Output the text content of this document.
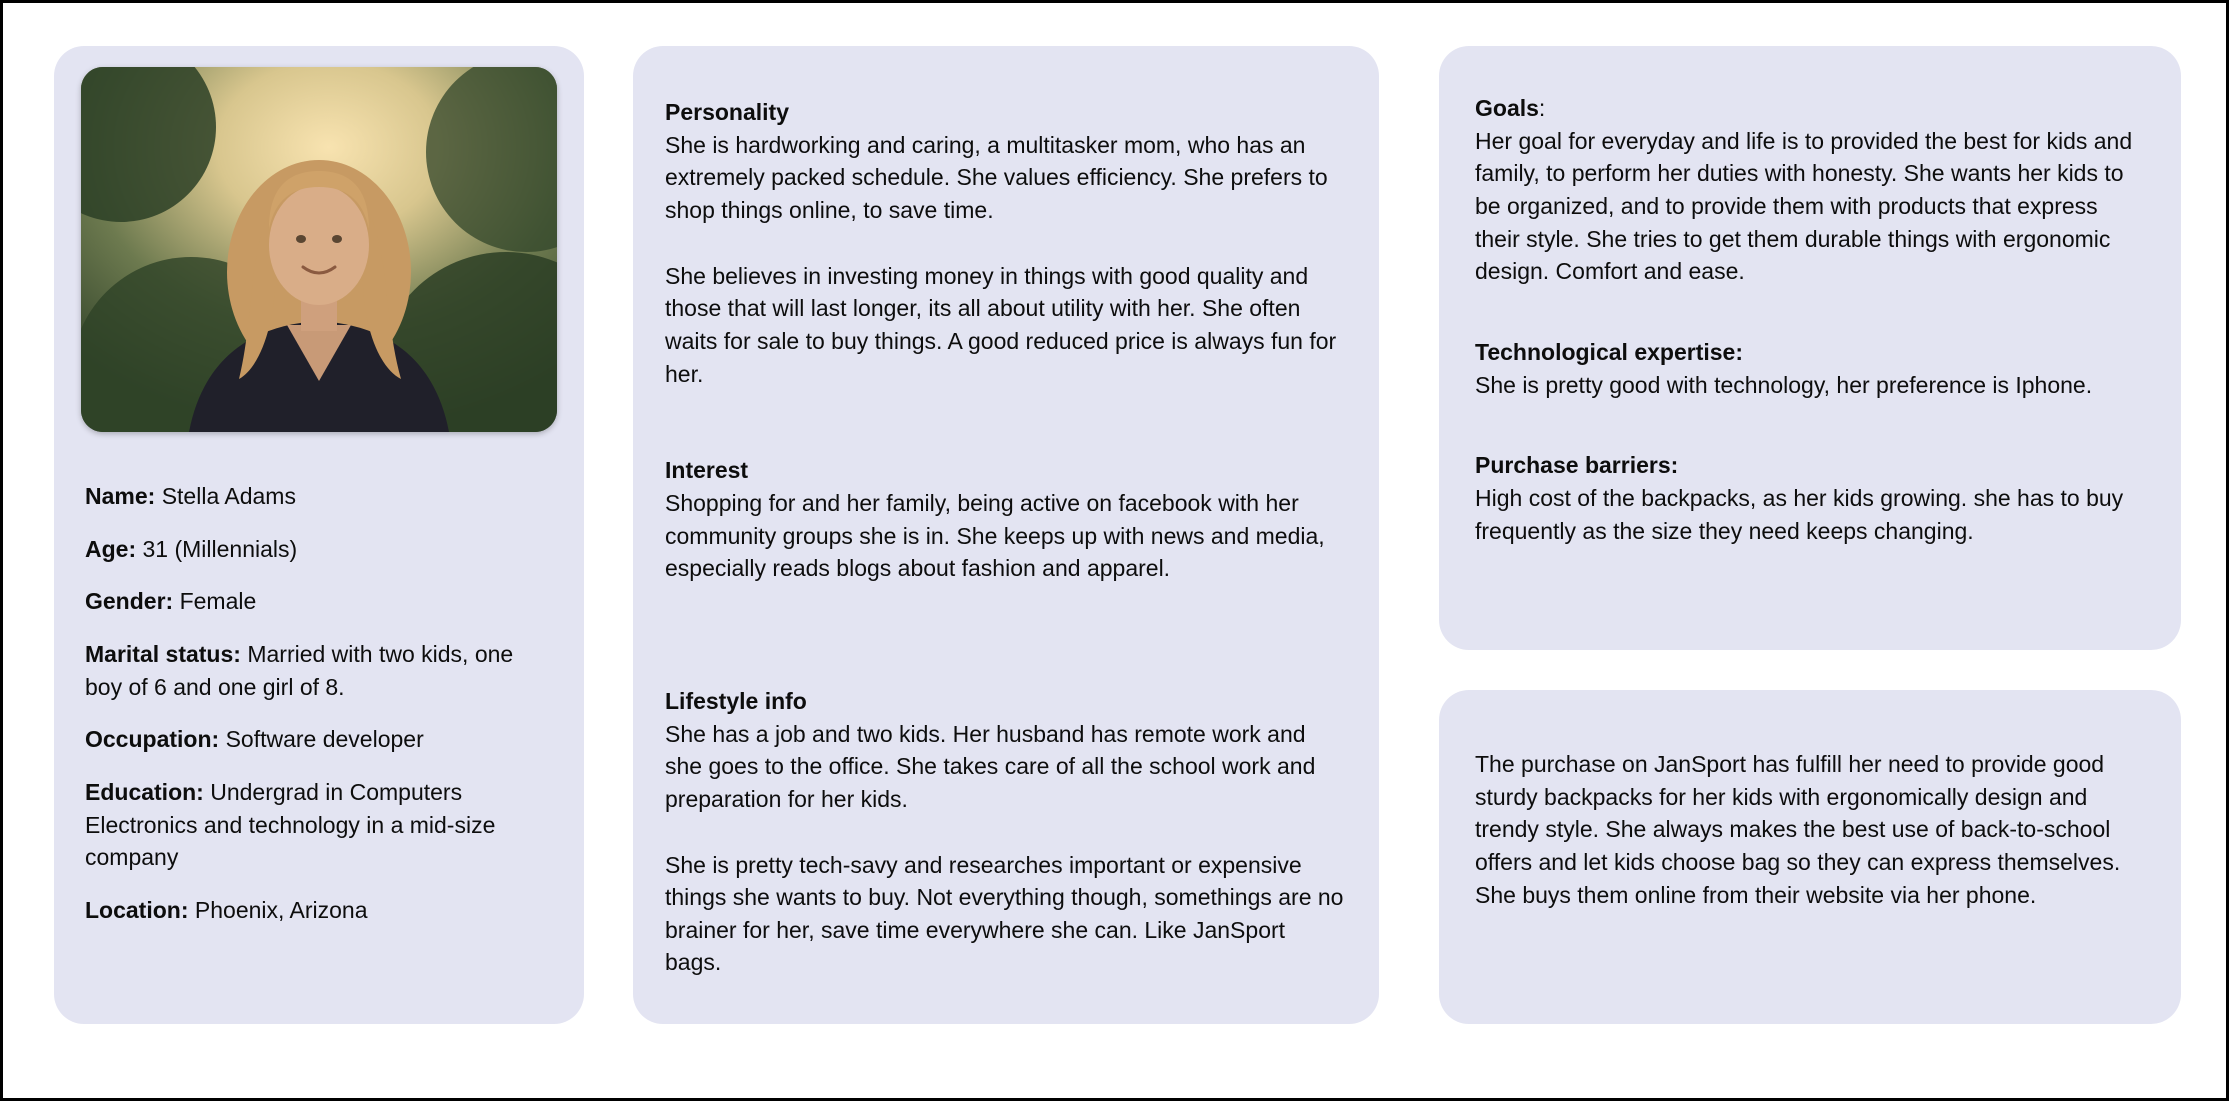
Name: Stella Adams

Age: 31 (Millennials)

Gender: Female

Marital status: Married with two kids, one boy of 6 and one girl of 8.

Occupation: Software developer

Education: Undergrad in Computers Electronics and technology in a mid-size company

Location: Phoenix, Arizona

Personality

She is hardworking and caring, a multitasker mom, who has an extremely packed schedule. She values efficiency. She prefers to shop things online, to save time.

She believes in investing money in things with good quality and those that will last longer, its all about utility with her. She often waits for sale to buy things. A good reduced price is always fun for her.

Interest

Shopping for and her family, being active on facebook with her community groups she is in. She keeps up with news and media, especially reads blogs about fashion and apparel.

Lifestyle info

She has a job and two kids. Her husband has remote work and she goes to the office. She takes care of all the school work and preparation for her kids.

She is pretty tech-savy and researches important or expensive things she wants to buy. Not everything though, somethings are no brainer for her, save time everywhere she can. Like JanSport bags.

Goals:

Her goal for everyday and life is to provided the best for kids and family, to perform her duties with honesty. She wants her kids to be organized, and to provide them with products that express their style. She tries to get them durable things with ergonomic design. Comfort and ease.

Technological expertise:

She is pretty good with technology, her preference is Iphone.

Purchase barriers:

High cost of the backpacks, as her kids growing. she has to buy frequently as the size they need keeps changing.

The purchase on JanSport has fulfill her need to provide good sturdy backpacks for her kids with ergonomically design and trendy style. She always makes the best use of back-to-school offers and let kids choose bag so they can express themselves. She buys them online from their website via her phone.
